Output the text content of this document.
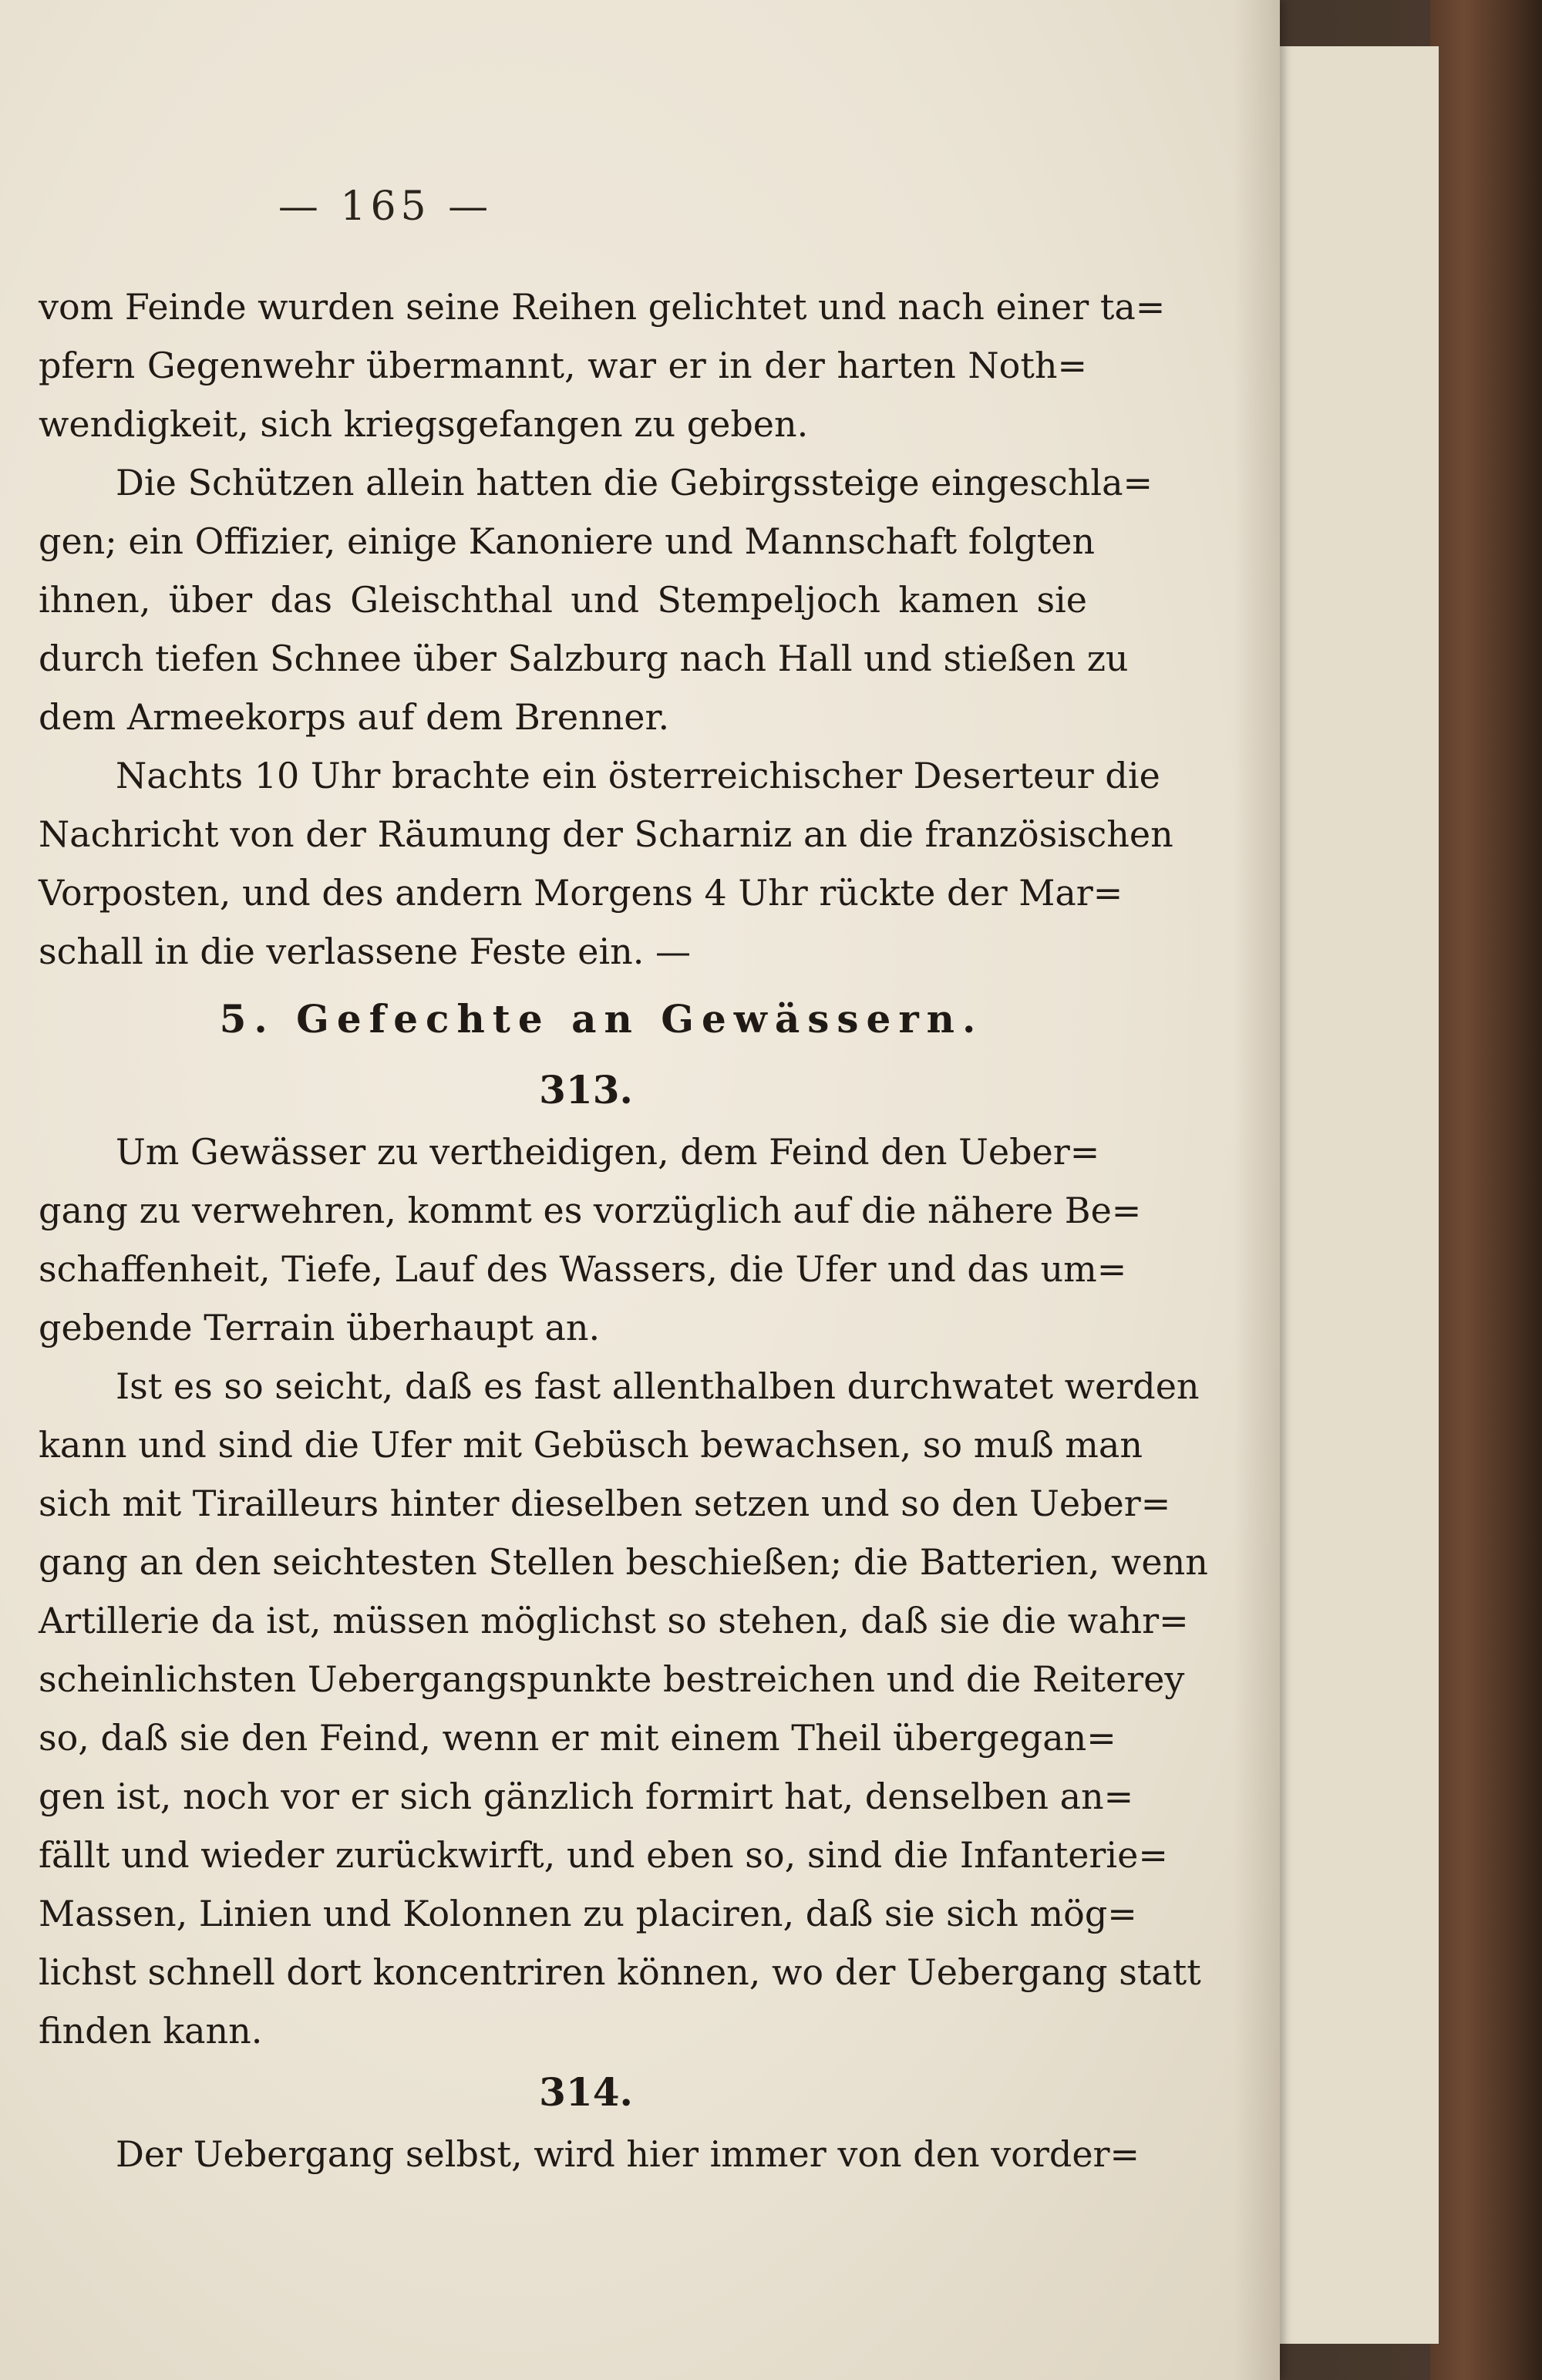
— 165 —
vom Feinde wurden seine Reihen gelichtet und nach einer ta=
pfern Gegenwehr übermannt, war er in der harten Noth=
wendigkeit, sich kriegsgefangen zu geben.
Die Schützen allein hatten die Gebirgssteige eingeschla=
gen; ein Offizier, einige Kanoniere und Mannschaft folgten
ihnen, über das Gleischthal und Stempeljoch kamen sie
durch tiefen Schnee über Salzburg nach Hall und stießen zu
dem Armeekorps auf dem Brenner.
Nachts 10 Uhr brachte ein österreichischer Deserteur die
Nachricht von der Räumung der Scharniz an die französischen
Vorposten, und des andern Morgens 4 Uhr rückte der Mar=
schall in die verlassene Feste ein. —
5. Gefechte an Gewässern.
313.
Um Gewässer zu vertheidigen, dem Feind den Ueber=
gang zu verwehren, kommt es vorzüglich auf die nähere Be=
schaffenheit, Tiefe, Lauf des Wassers, die Ufer und das um=
gebende Terrain überhaupt an.
Ist es so seicht, daß es fast allenthalben durchwatet werden
kann und sind die Ufer mit Gebüsch bewachsen, so muß man
sich mit Tirailleurs hinter dieselben setzen und so den Ueber=
gang an den seichtesten Stellen beschießen; die Batterien, wenn
Artillerie da ist, müssen möglichst so stehen, daß sie die wahr=
scheinlichsten Uebergangspunkte bestreichen und die Reiterey
so, daß sie den Feind, wenn er mit einem Theil übergegan=
gen ist, noch vor er sich gänzlich formirt hat, denselben an=
fällt und wieder zurückwirft, und eben so, sind die Infanterie=
Massen, Linien und Kolonnen zu placiren, daß sie sich mög=
lichst schnell dort koncentriren können, wo der Uebergang statt
finden kann.
314.
Der Uebergang selbst, wird hier immer von den vorder=
